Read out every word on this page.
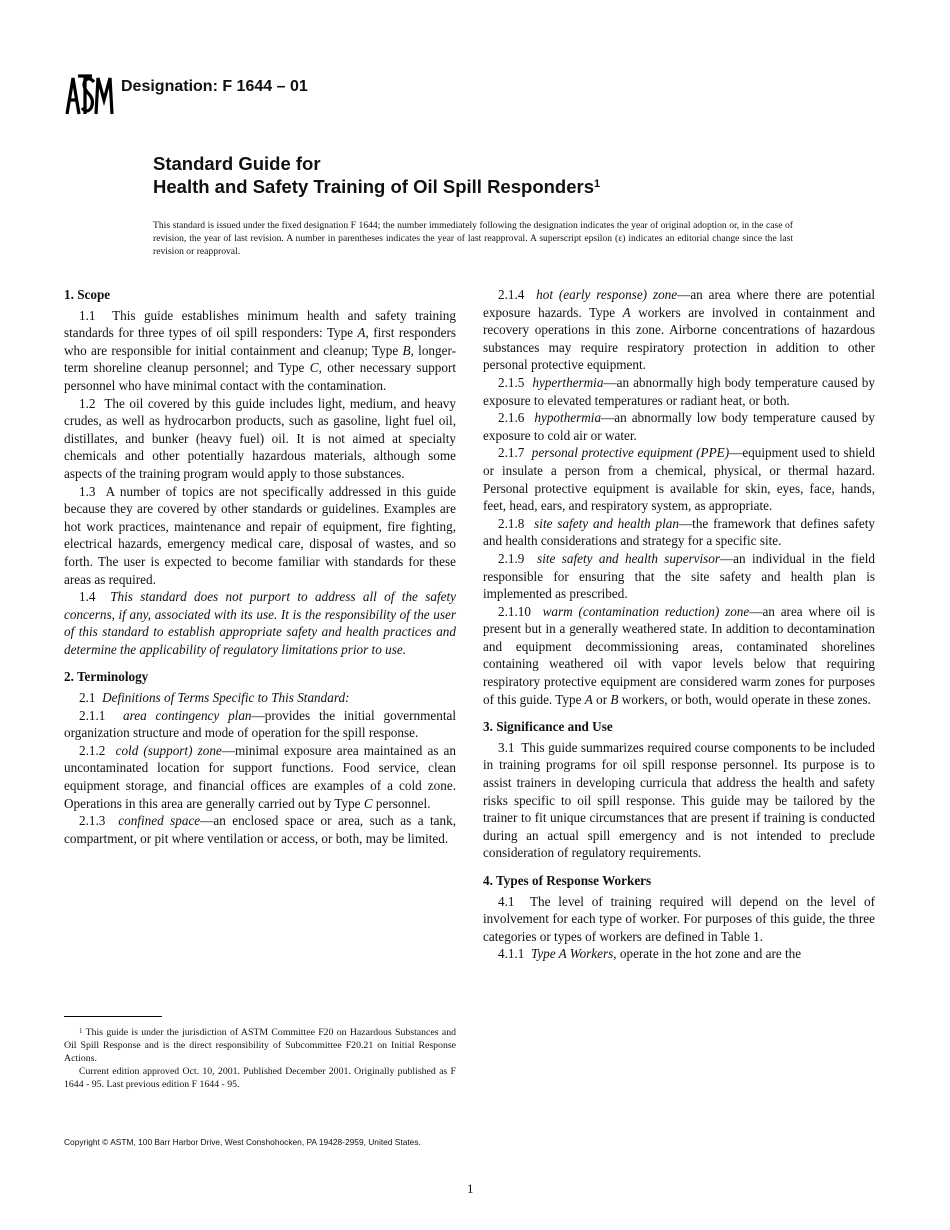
ASTM
Designation: F 1644 – 01
Standard Guide for
Health and Safety Training of Oil Spill Responders$^1$
This standard is issued under the fixed designation F 1644; the number immediately following the designation indicates the year of original adoption or, in the case of revision, the year of last revision. A number in parentheses indicates the year of last reapproval. A superscript epsilon (ε) indicates an editorial change since the last revision or reapproval.
1. Scope

1.1 This guide establishes minimum health and safety training standards for three types of oil spill responders: Type A, first responders who are responsible for initial containment and cleanup; Type B, longer-term shoreline cleanup personnel; and Type C, other necessary support personnel who have minimal contact with the contamination.

1.2 The oil covered by this guide includes light, medium, and heavy crudes, as well as hydrocarbon products, such as gasoline, light fuel oil, distillates, and bunker (heavy fuel) oil. It is not aimed at specialty chemicals and other potentially hazardous materials, although some aspects of the training program would apply to those substances.

1.3 A number of topics are not specifically addressed in this guide because they are covered by other standards or guidelines. Examples are hot work practices, maintenance and repair of equipment, fire fighting, electrical hazards, emergency medical care, disposal of wastes, and so forth. The user is expected to become familiar with standards for these areas as required.

1.4 This standard does not purport to address all of the safety concerns, if any, associated with its use. It is the responsibility of the user of this standard to establish appropriate safety and health practices and determine the applicability of regulatory limitations prior to use.

2. Terminology

2.1 Definitions of Terms Specific to This Standard:

2.1.1 area contingency plan—provides the initial governmental organization structure and mode of operation for the spill response.

2.1.2 cold (support) zone—minimal exposure area maintained as an uncontaminated location for support functions. Food service, clean equipment storage, and financial offices are examples of a cold zone. Operations in this area are generally carried out by Type C personnel.

2.1.3 confined space—an enclosed space or area, such as a tank, compartment, or pit where ventilation or access, or both, may be limited.

2.1.4 hot (early response) zone—an area where there are potential exposure hazards. Type A workers are involved in containment and recovery operations in this zone. Airborne concentrations of hazardous substances may require respiratory protection in addition to other personal protective equipment.

2.1.5 hyperthermia—an abnormally high body temperature caused by exposure to elevated temperatures or radiant heat, or both.

2.1.6 hypothermia—an abnormally low body temperature caused by exposure to cold air or water.

2.1.7 personal protective equipment (PPE)—equipment used to shield or insulate a person from a chemical, physical, or thermal hazard. Personal protective equipment is available for skin, eyes, face, hands, feet, head, ears, and respiratory system, as appropriate.

2.1.8 site safety and health plan—the framework that defines safety and health considerations and strategy for a specific site.

2.1.9 site safety and health supervisor—an individual in the field responsible for ensuring that the site safety and health plan is implemented as prescribed.

2.1.10 warm (contamination reduction) zone—an area where oil is present but in a generally weathered state. In addition to decontamination and equipment decommissioning areas, contaminated shorelines containing weathered oil with vapor levels below that requiring respiratory protective equipment are considered warm zones for purposes of this guide. Type A or B workers, or both, would operate in these zones.

3. Significance and Use

3.1 This guide summarizes required course components to be included in training programs for oil spill response personnel. Its purpose is to assist trainers in developing curricula that address the health and safety risks specific to oil spill response. This guide may be tailored by the trainer to fit unique circumstances that are present if training is conducted during an actual spill emergency and is not intended to preclude consideration of regulatory requirements.

4. Types of Response Workers

4.1 The level of training required will depend on the level of involvement for each type of worker. For purposes of this guide, the three categories or types of workers are defined in Table 1.

4.1.1 Type A Workers, operate in the hot zone and are the

$^1$ This guide is under the jurisdiction of ASTM Committee F20 on Hazardous Substances and Oil Spill Response and is the direct responsibility of Subcommittee F20.21 on Initial Response Actions.

Current edition approved Oct. 10, 2001. Published December 2001. Originally published as F 1644 - 95. Last previous edition F 1644 - 95.

Copyright © ASTM, 100 Barr Harbor Drive, West Conshohocken, PA 19428-2959, United States.
1
